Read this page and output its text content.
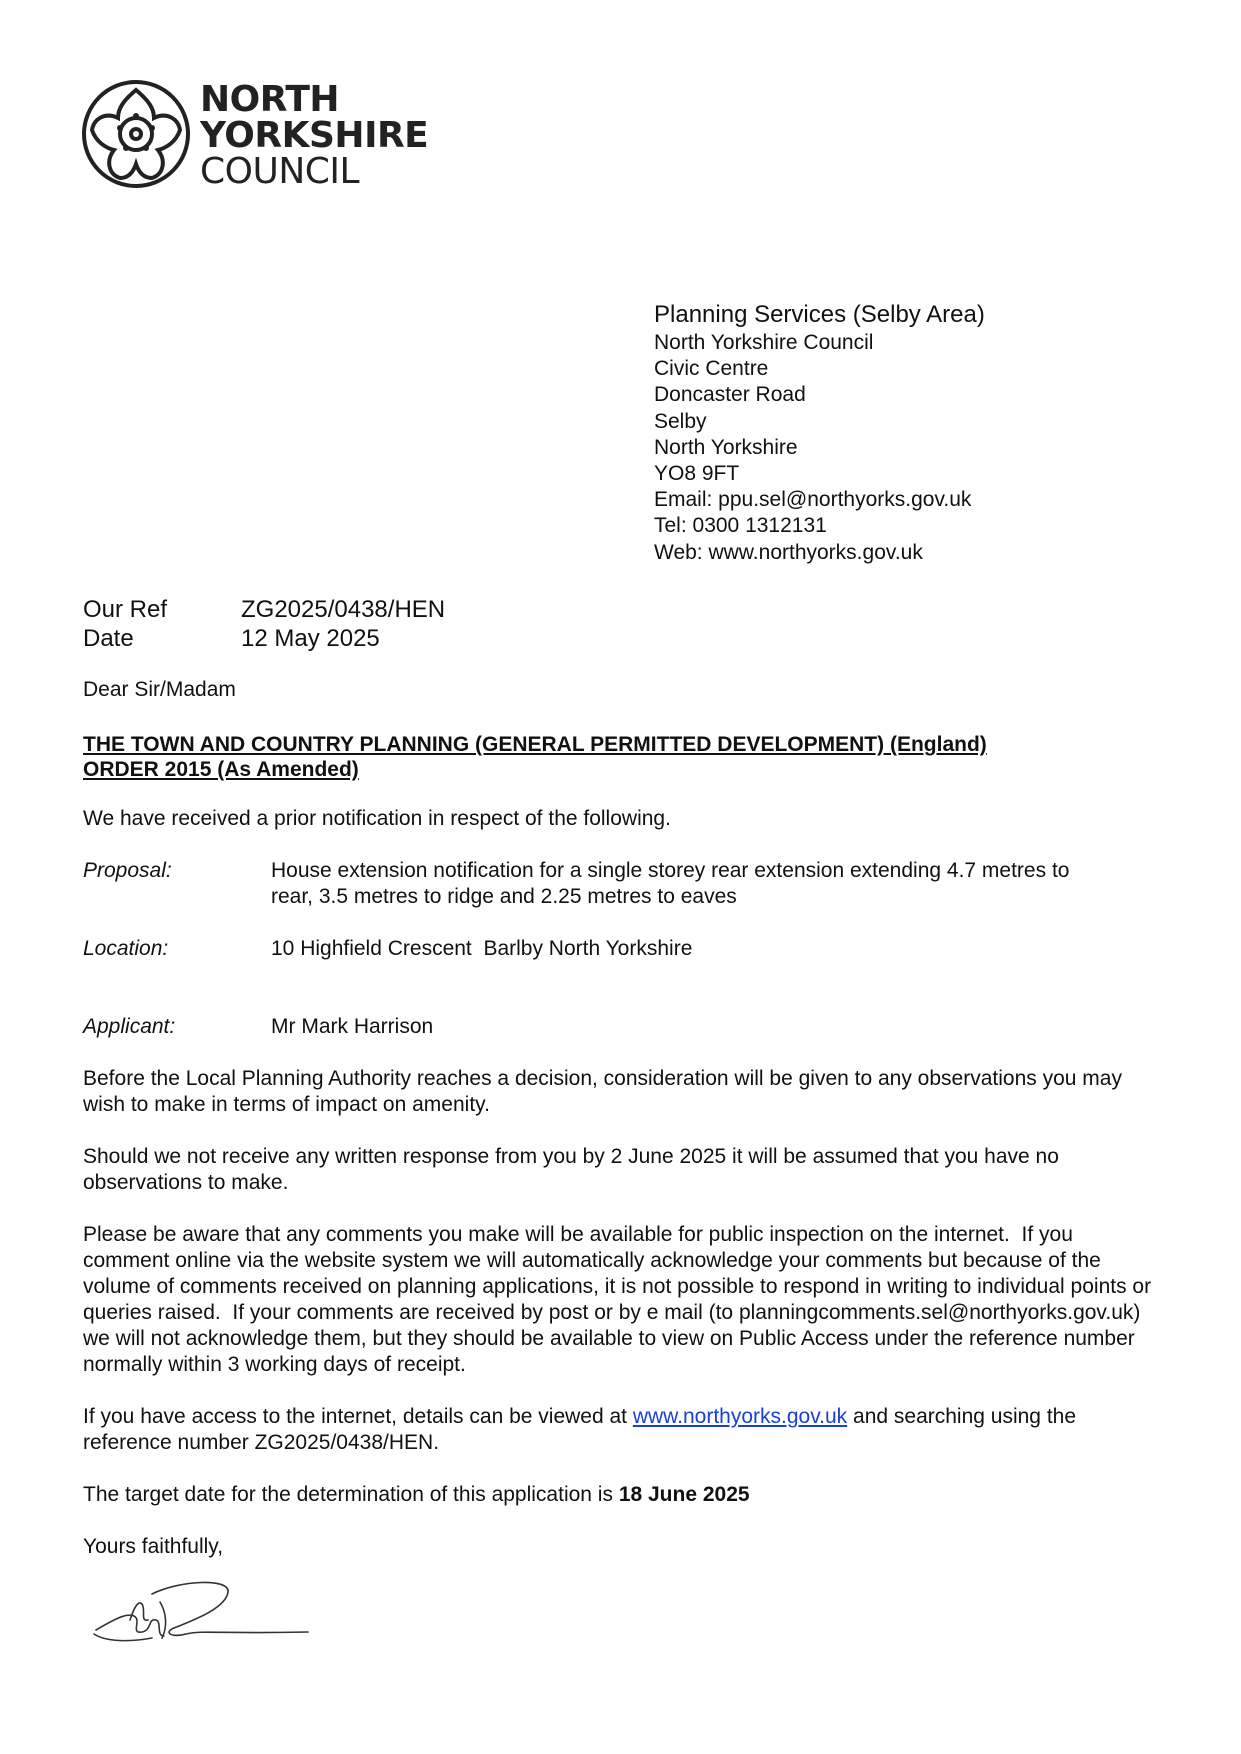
NORTH
YORKSHIRE
COUNCIL
Planning Services (Selby Area)
North Yorkshire Council
Civic Centre
Doncaster Road
Selby
North Yorkshire
YO8 9FT
Email: ppu.sel@northyorks.gov.uk
Tel: 0300 1312131
Web: www.northyorks.gov.uk
Our Ref	ZG2025/0438/HEN
Date	12 May 2025
Dear Sir/Madam
THE TOWN AND COUNTRY PLANNING (GENERAL PERMITTED DEVELOPMENT) (England)
ORDER 2015 (As Amended)

We have received a prior notification in respect of the following.

Proposal:	House extension notification for a single storey rear extension extending 4.7 metres to rear, 3.5 metres to ridge and 2.25 metres to eaves
Location:	10 Highfield Crescent  Barlby North Yorkshire
Applicant:	Mr Mark Harrison

Before the Local Planning Authority reaches a decision, consideration will be given to any observations you may wish to make in terms of impact on amenity.

Should we not receive any written response from you by 2 June 2025 it will be assumed that you have no observations to make.

Please be aware that any comments you make will be available for public inspection on the internet.  If you comment online via the website system we will automatically acknowledge your comments but because of the volume of comments received on planning applications, it is not possible to respond in writing to individual points or queries raised.  If your comments are received by post or by e mail (to planningcomments.sel@northyorks.gov.uk) we will not acknowledge them, but they should be available to view on Public Access under the reference number normally within 3 working days of receipt.

If you have access to the internet, details can be viewed at www.northyorks.gov.uk and searching using the reference number ZG2025/0438/HEN.

The target date for the determination of this application is 18 June 2025

Yours faithfully,
